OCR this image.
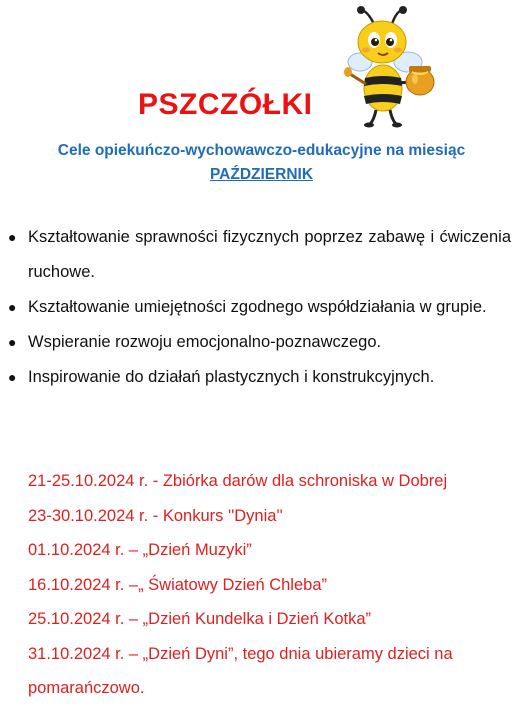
PSZCZÓŁKI
Cele opiekuńczo-wychowawczo-edukacyjne na miesiąc
PAŹDZIERNIK
● Kształtowanie sprawności fizycznych poprzez zabawę i ćwiczenia ruchowe.
● Kształtowanie umiejętności zgodnego współdziałania w grupie.
● Wspieranie rozwoju emocjonalno-poznawczego.
● Inspirowanie do działań plastycznych i konstrukcyjnych.
21-25.10.2024 r. - Zbiórka darów dla schroniska w Dobrej
23-30.10.2024 r. - Konkurs ''Dynia''
01.10.2024 r. – „Dzień Muzyki”
16.10.2024 r. –„ Światowy Dzień Chleba”
25.10.2024 r. – „Dzień Kundelka i Dzień Kotka”
31.10.2024 r. – „Dzień Dyni”, tego dnia ubieramy dzieci na pomarańczowo.
